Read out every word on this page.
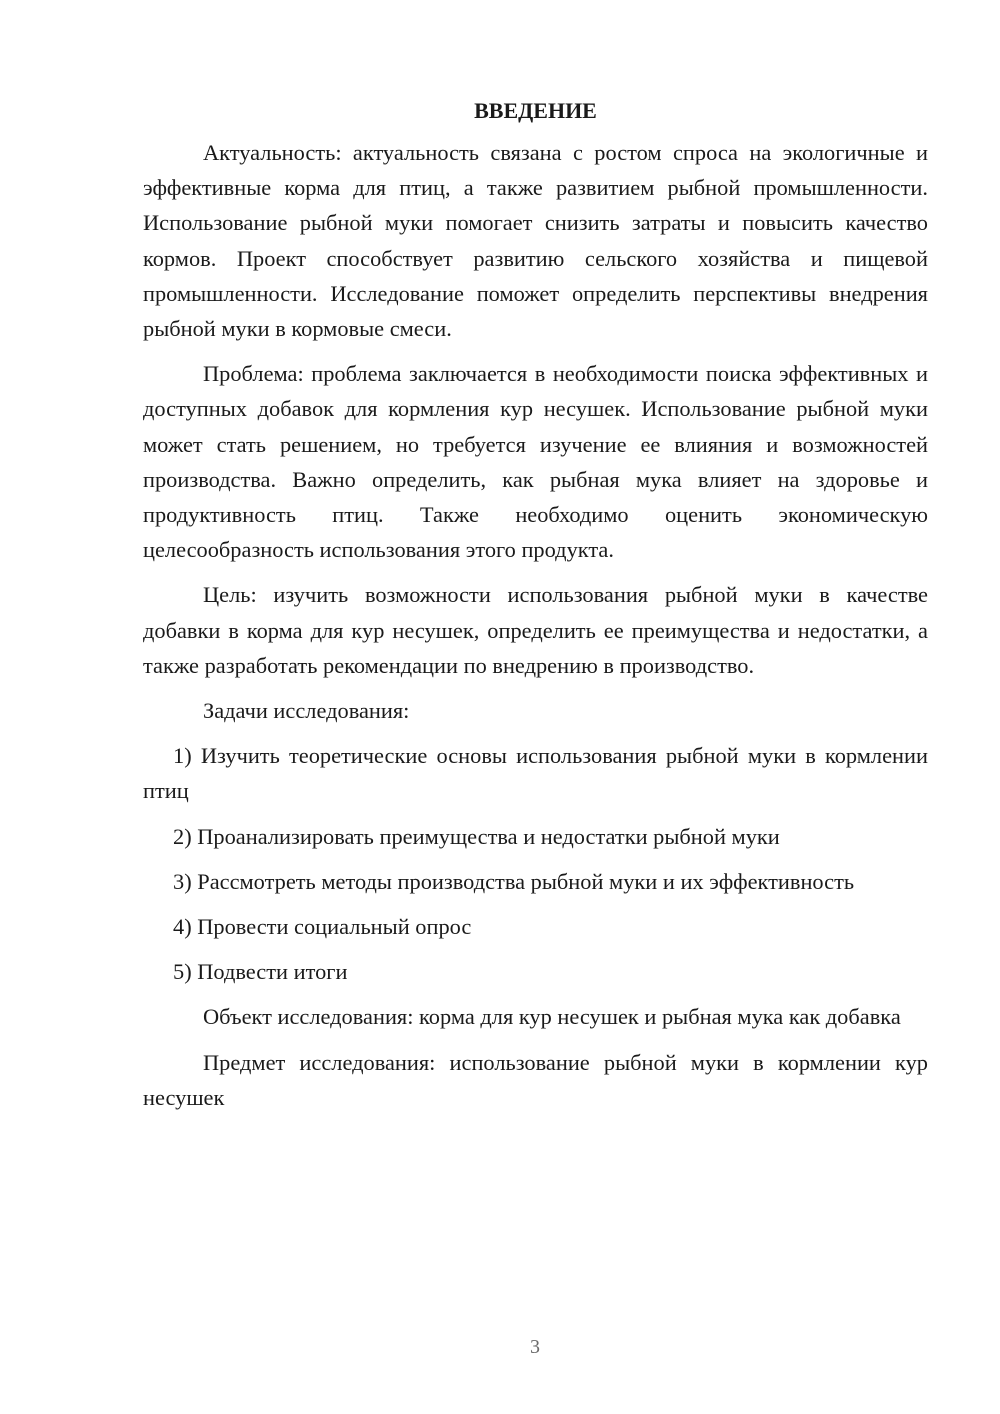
ВВЕДЕНИЕ

Актуальность: актуальность связана с ростом спроса на экологичные и эффективные корма для птиц, а также развитием рыбной промышленности. Использование рыбной муки помогает снизить затраты и повысить качество кормов. Проект способствует развитию сельского хозяйства и пищевой промышленности. Исследование поможет определить перспективы внедрения рыбной муки в кормовые смеси.

Проблема: проблема заключается в необходимости поиска эффективных и доступных добавок для кормления кур несушек. Использование рыбной муки может стать решением, но требуется изучение ее влияния и возможностей производства. Важно определить, как рыбная мука влияет на здоровье и продуктивность птиц. Также необходимо оценить экономическую целесообразность использования этого продукта.

Цель: изучить возможности использования рыбной муки в качестве добавки в корма для кур несушек, определить ее преимущества и недостатки, а также разработать рекомендации по внедрению в производство.

Задачи исследования:

1) Изучить теоретические основы использования рыбной муки в кормлении птиц

2) Проанализировать преимущества и недостатки рыбной муки

3) Рассмотреть методы производства рыбной муки и их эффективность

4) Провести социальный опрос

5) Подвести итоги

Объект исследования: корма для кур несушек и рыбная мука как добавка

Предмет исследования: использование рыбной муки в кормлении кур несушек

3
